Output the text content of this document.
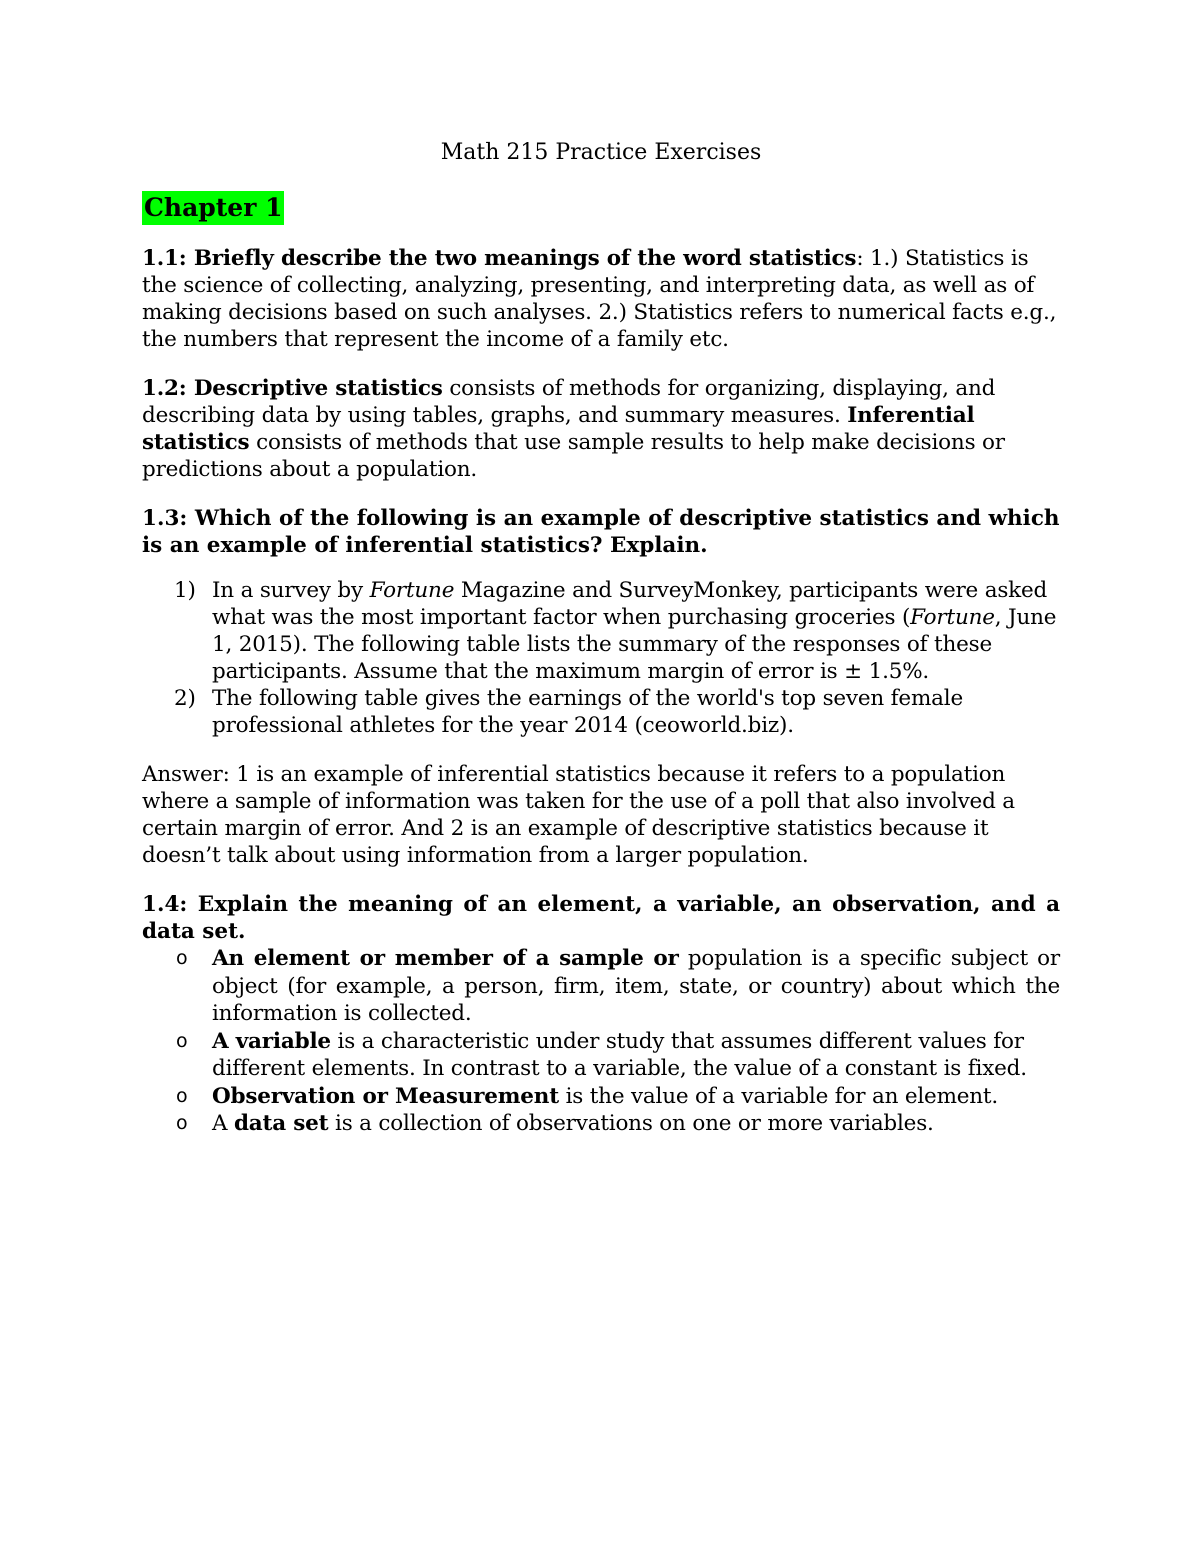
Math 215 Practice Exercises
Chapter 1

1.1: Briefly describe the two meanings of the word statistics: 1.) Statistics is the science of collecting, analyzing, presenting, and interpreting data, as well as of making decisions based on such analyses. 2.) Statistics refers to numerical facts e.g., the numbers that represent the income of a family etc.

1.2: Descriptive statistics consists of methods for organizing, displaying, and describing data by using tables, graphs, and summary measures. Inferential statistics consists of methods that use sample results to help make decisions or predictions about a population.

1.3: Which of the following is an example of descriptive statistics and which is an example of inferential statistics? Explain.
1) In a survey by Fortune Magazine and SurveyMonkey, participants were asked what was the most important factor when purchasing groceries (Fortune, June 1, 2015). The following table lists the summary of the responses of these participants. Assume that the maximum margin of error is ± 1.5%.
2) The following table gives the earnings of the world's top seven female professional athletes for the year 2014 (ceoworld.biz).

Answer: 1 is an example of inferential statistics because it refers to a population where a sample of information was taken for the use of a poll that also involved a certain margin of error. And 2 is an example of descriptive statistics because it doesn’t talk about using information from a larger population.

1.4: Explain the meaning of an element, a variable, an observation, and a data set.
o An element or member of a sample or population is a specific subject or object (for example, a person, firm, item, state, or country) about which the information is collected.
o A variable is a characteristic under study that assumes different values for different elements. In contrast to a variable, the value of a constant is fixed.
o Observation or Measurement is the value of a variable for an element.
o A data set is a collection of observations on one or more variables.
